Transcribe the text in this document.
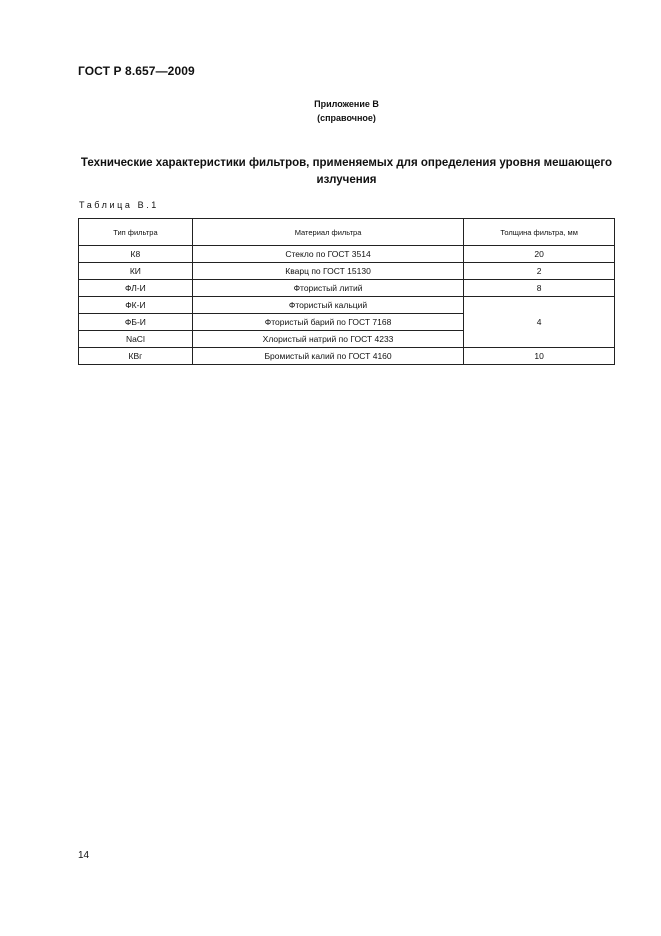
ГОСТ Р 8.657—2009
Приложение В
(справочное)
Технические характеристики фильтров, применяемых для определения уровня мешающего излучения
Таблица В.1
Тип фильтра	Материал фильтра	Толщина фильтра, мм
К8	Стекло по ГОСТ 3514	20
КИ	Кварц по ГОСТ 15130	2
ФЛ-И	Фтористый литий	8
ФК-И	Фтористый кальций	4
ФБ-И	Фтористый барий по ГОСТ 7168	
NaCl	Хлористый натрий по ГОСТ 4233	
КВг	Бромистый калий по ГОСТ 4160	10
14
